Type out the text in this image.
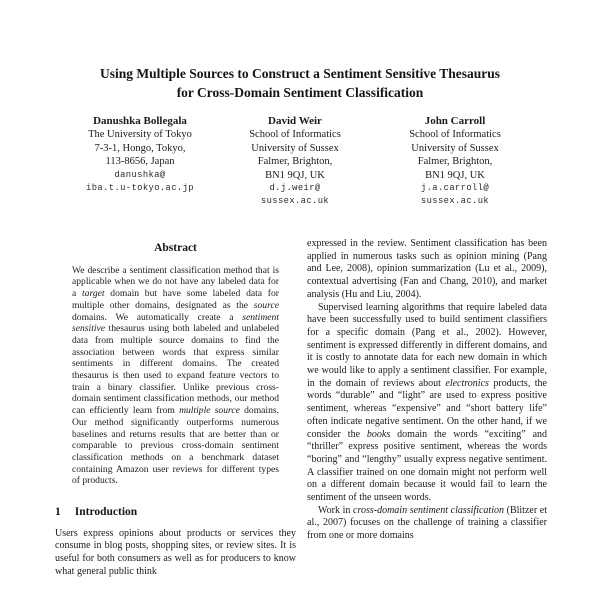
Using Multiple Sources to Construct a Sentiment Sensitive Thesaurus
for Cross-Domain Sentiment Classification
Danushka Bollegala
The University of Tokyo
7-3-1, Hongo, Tokyo,
113-8656, Japan
danushka@
iba.t.u-tokyo.ac.jp
David Weir
School of Informatics
University of Sussex
Falmer, Brighton,
BN1 9QJ, UK
d.j.weir@
sussex.ac.uk
John Carroll
School of Informatics
University of Sussex
Falmer, Brighton,
BN1 9QJ, UK
j.a.carroll@
sussex.ac.uk
Abstract

We describe a sentiment classification method that is applicable when we do not have any labeled data for a target domain but have some labeled data for multiple other domains, designated as the source domains. We automatically create a sentiment sensitive thesaurus using both labeled and unlabeled data from multiple source domains to find the association between words that express similar sentiments in different domains. The created thesaurus is then used to expand feature vectors to train a binary classifier. Unlike previous cross-domain sentiment classification methods, our method can efficiently learn from multiple source domains. Our method significantly outperforms numerous baselines and returns results that are better than or comparable to previous cross-domain sentiment classification methods on a benchmark dataset containing Amazon user reviews for different types of products.

1 Introduction

Users express opinions about products or services they consume in blog posts, shopping sites, or review sites. It is useful for both consumers as well as for producers to know what general public think

expressed in the review. Sentiment classification has been applied in numerous tasks such as opinion mining (Pang and Lee, 2008), opinion summarization (Lu et al., 2009), contextual advertising (Fan and Chang, 2010), and market analysis (Hu and Liu, 2004).

Supervised learning algorithms that require labeled data have been successfully used to build sentiment classifiers for a specific domain (Pang et al., 2002). However, sentiment is expressed differently in different domains, and it is costly to annotate data for each new domain in which we would like to apply a sentiment classifier. For example, in the domain of reviews about electronics products, the words “durable” and “light” are used to express positive sentiment, whereas “expensive” and “short battery life” often indicate negative sentiment. On the other hand, if we consider the books domain the words “exciting” and “thriller” express positive sentiment, whereas the words “boring” and “lengthy” usually express negative sentiment. A classifier trained on one domain might not perform well on a different domain because it would fail to learn the sentiment of the unseen words.

Work in cross-domain sentiment classification (Blitzer et al., 2007) focuses on the challenge of training a classifier from one or more domains
